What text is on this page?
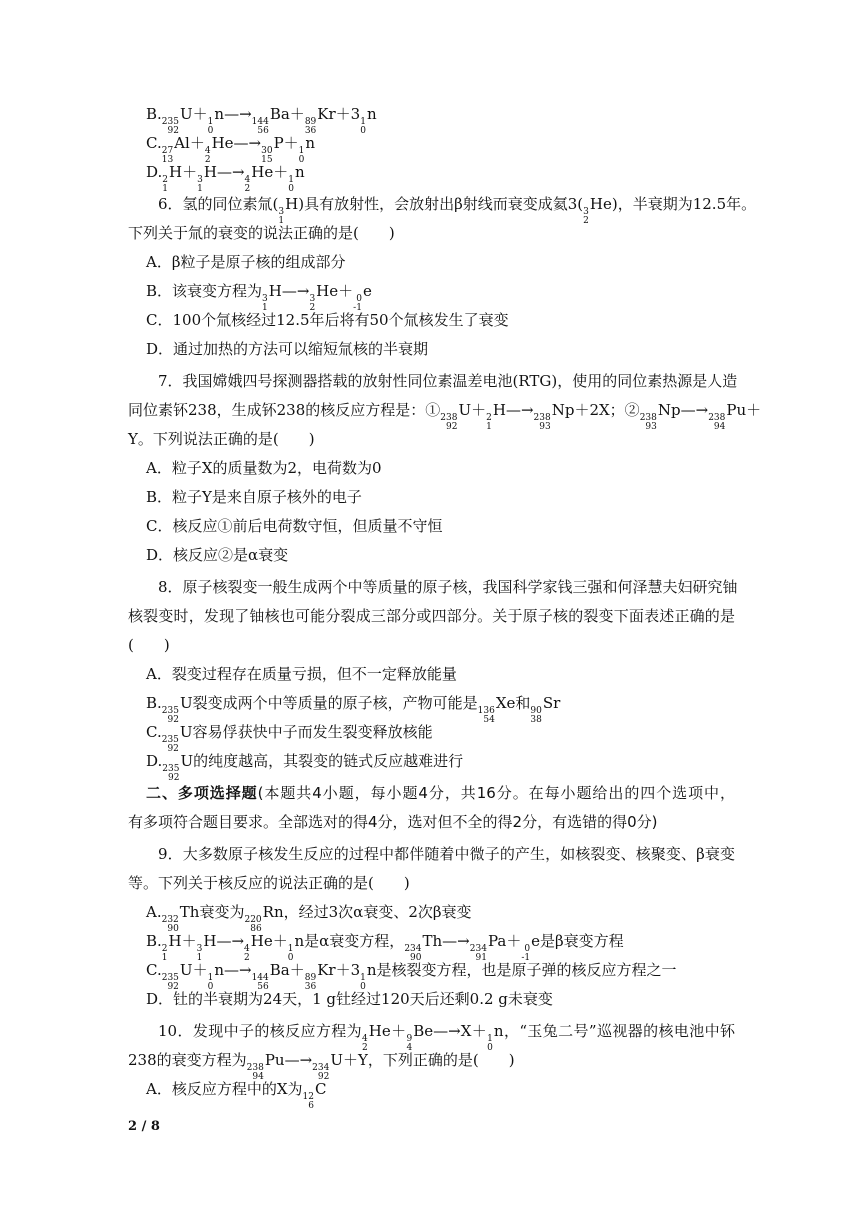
B. 235
92
U＋ 1
0
n—→ 144
56
Ba＋ 89
36
Kr＋3 1
0
n
C. 27
13
Al＋ 4
2
He—→ 30
15
P＋ 1
0
n
D. 2
1
H＋ 3
1
H—→ 4
2
He＋ 1
0
n
6．氢的同位素氚( 3
1
H)具有放射性，会放射出β射线而衰变成氦3( 3
2
He)，半衰期为12.5年。
下列关于氚的衰变的说法正确的是(　　)
A．β粒子是原子核的组成部分
B．该衰变方程为 3
1
H—→ 3
2
He＋ 0
-1
e
C．100个氚核经过12.5年后将有50个氚核发生了衰变
D．通过加热的方法可以缩短氚核的半衰期
7．我国嫦娥四号探测器搭载的放射性同位素温差电池(RTG)，使用的同位素热源是人造
同位素钚238，生成钚238的核反应方程是：① 238
92
U＋ 2
1
H—→ 238
93
Np＋2X；② 238
93
Np—→ 238
94
Pu＋
Y。下列说法正确的是(　　)
A．粒子X的质量数为2，电荷数为0
B．粒子Y是来自原子核外的电子
C．核反应①前后电荷数守恒，但质量不守恒
D．核反应②是α衰变
8．原子核裂变一般生成两个中等质量的原子核，我国科学家钱三强和何泽慧夫妇研究铀
核裂变时，发现了铀核也可能分裂成三部分或四部分。关于原子核的裂变下面表述正确的是
(　　)
A．裂变过程存在质量亏损，但不一定释放能量
B. 235
92
U裂变成两个中等质量的原子核，产物可能是 136
54
Xe和 90
38
Sr
C. 235
92
U容易俘获快中子而发生裂变释放核能
D. 235
92
U的纯度越高，其裂变的链式反应越难进行
二、多项选择题(本题共4小题，每小题4分，共16分。在每小题给出的四个选项中，
有多项符合题目要求。全部选对的得4分，选对但不全的得2分，有选错的得0分)
9．大多数原子核发生反应的过程中都伴随着中微子的产生，如核裂变、核聚变、β衰变
等。下列关于核反应的说法正确的是(　　)
A. 232
90
Th衰变为 220
86
Rn，经过3次α衰变、2次β衰变
B. 2
1
H＋ 3
1
H—→ 4
2
He＋ 1
0
n是α衰变方程， 234
90
Th—→ 234
91
Pa＋ 0
-1
e是β衰变方程
C. 235
92
U＋ 1
0
n—→ 144
56
Ba＋ 89
36
Kr＋3 1
0
n是核裂变方程，也是原子弹的核反应方程之一
D．钍的半衰期为24天，1 g钍经过120天后还剩0.2 g未衰变
10．发现中子的核反应方程为 4
2
He＋ 9
4
Be—→X＋ 1
0
n，“玉兔二号”巡视器的核电池中钚
238的衰变方程为 238
94
Pu—→ 234
92
U＋Y，下列正确的是(　　)
A．核反应方程中的X为 12
6
C
2 / 8
